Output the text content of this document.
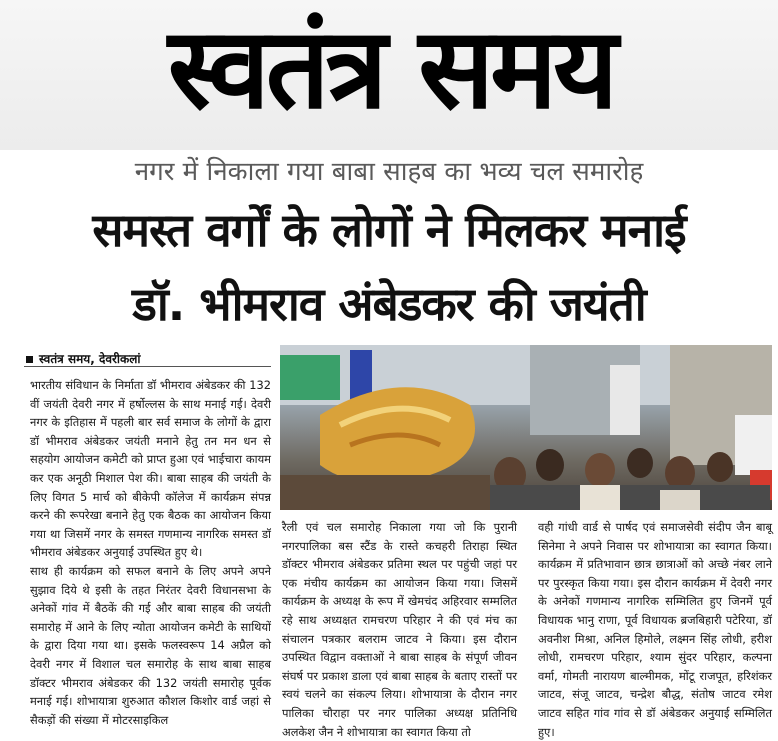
स्वतंत्र समय
नगर में निकाला गया बाबा साहब का भव्य चल समारोह
समस्त वर्गों के लोगों ने मिलकर मनाई
डॉ. भीमराव अंबेडकर की जयंती
स्वतंत्र समय, देवरीकलां

भारतीय संविधान के निर्माता डॉ भीमराव अंबेडकर की 132 वीं जयंती देवरी नगर में हर्षोल्लस के साथ मनाई गई। देवरी नगर के इतिहास में पहली बार सर्व समाज के लोगों के द्वारा डॉ भीमराव अंबेडकर जयंती मनाने हेतु तन मन धन से सहयोग आयोजन कमेटी को प्राप्त हुआ एवं भाईचारा कायम कर एक अनूठी मिशाल पेश की। बाबा साहब की जयंती के लिए विगत 5 मार्च को बीकेपी कॉलेज में कार्यक्रम संपन्न करने की रूपरेखा बनाने हेतु एक बैठक का आयोजन किया गया था जिसमें नगर के समस्त गणमान्य नागरिक समस्त डॉ भीमराव अंबेडकर अनुयाई उपस्थित हुए थे।

साथ ही कार्यक्रम को सफल बनाने के लिए अपने अपने सुझाव दिये थे इसी के तहत निरंतर देवरी विधानसभा के अनेकों गांव में बैठकें की गई और बाबा साहब की जयंती समारोह में आने के लिए न्योता आयोजन कमेटी के साथियों के द्वारा दिया गया था। इसके फलस्वरूप 14 अप्रैल को देवरी नगर में विशाल चल समारोह के साथ बाबा साहब डॉक्टर भीमराव अंबेडकर की 132 जयंती समारोह पूर्वक मनाई गई। शोभायात्रा शुरुआत कौशल किशोर वार्ड जहां से सैकड़ों की संख्या में मोटरसाइकिल

रैली एवं चल समारोह निकाला गया जो कि पुरानी नगरपालिका बस स्टैंड के रास्ते कचहरी तिराहा स्थित डॉक्टर भीमराव अंबेडकर प्रतिमा स्थल पर पहुंची जहां पर एक मंचीय कार्यक्रम का आयोजन किया गया। जिसमें कार्यक्रम के अध्यक्ष के रूप में खेमचंद अहिरवार सम्मलित रहे साथ अध्यक्षत रामचरण परिहार ने की एवं मंच का संचालन पत्रकार बलराम जाटव ने किया। इस दौरान उपस्थित विद्वान वक्ताओं ने बाबा साहब के संपूर्ण जीवन संघर्ष पर प्रकाश डाला एवं बाबा साहब के बताए रास्तों पर स्वयं चलने का संकल्प लिया। शोभायात्रा के दौरान नगर पालिका चौराहा पर नगर पालिका अध्यक्ष प्रतिनिधि अलकेश जैन ने शोभायात्रा का स्वागत किया तो

वही गांधी वार्ड से पार्षद एवं समाजसेवी संदीप जैन बाबू सिनेमा ने अपने निवास पर शोभायात्रा का स्वागत किया। कार्यक्रम में प्रतिभावान छात्र छात्राओं को अच्छे नंबर लाने पर पुरस्कृत किया गया। इस दौरान कार्यक्रम में देवरी नगर के अनेकों गणमान्य नागरिक सम्मिलित हुए जिनमें पूर्व विधायक भानु राणा, पूर्व विधायक ब्रजबिहारी पटेरिया, डॉ अवनीश मिश्रा, अनिल हिमोले, लक्ष्मन सिंह लोधी, हरीश लोधी, रामचरण परिहार, श्याम सुंदर परिहार, कल्पना वर्मा, गोमती नारायण बाल्मीमक, मोंटू राजपूत, हरिशंकर जाटव, संजू जाटव, चन्द्रेश बौद्ध, संतोष जाटव रमेश जाटव सहित गांव गांव से डॉ अंबेडकर अनुयाई सम्मिलित हुए।
